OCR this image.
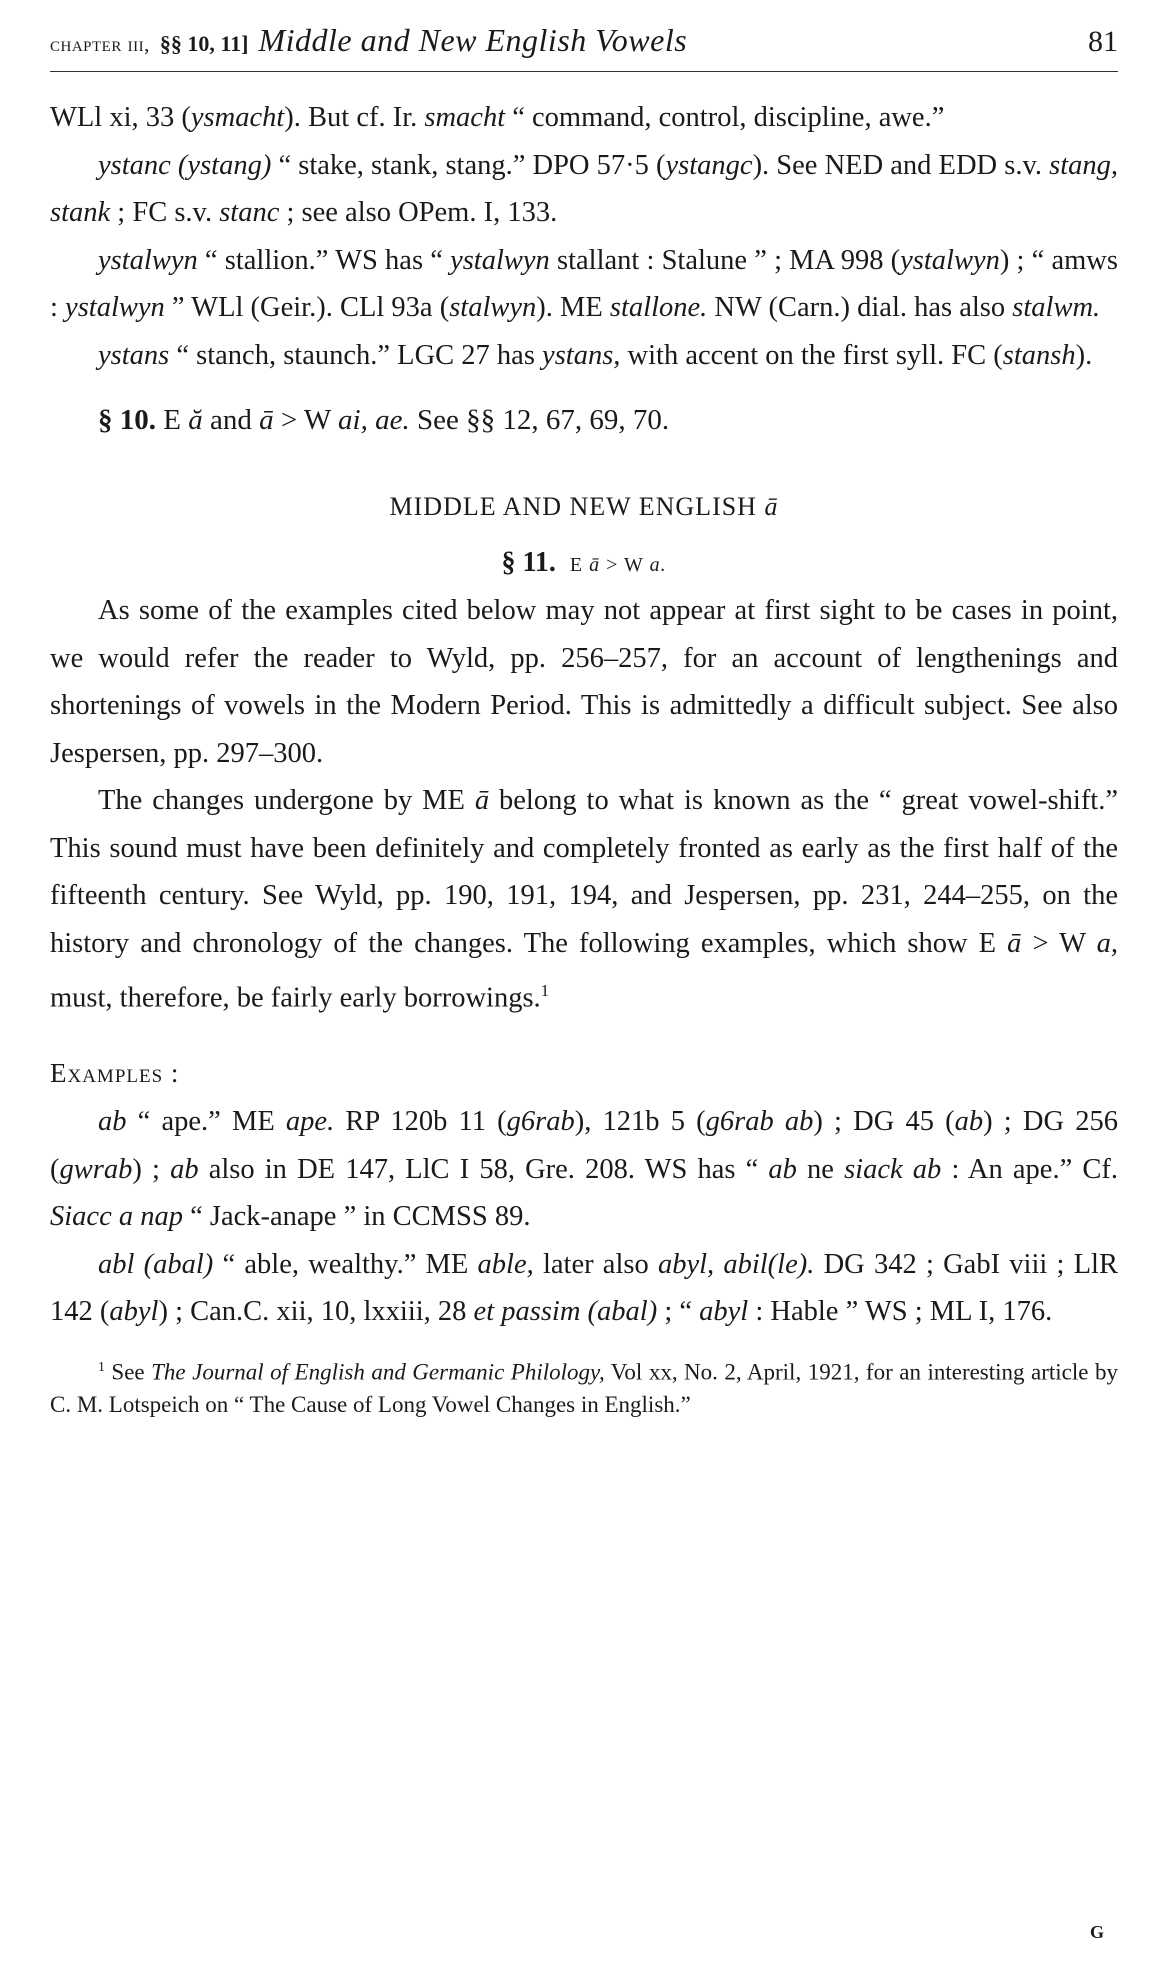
chapter iii, §§ 10, 11] Middle and New English Vowels	81

WLl xi, 33 (ysmacht). But cf. Ir. smacht “ command, control, discipline, awe.”

ystanc (ystang) “ stake, stank, stang.” DPO 57·5 (ystangc). See NED and EDD s.v. stang, stank ; FC s.v. stanc ; see also OPem. I, 133.

ystalwyn “ stallion.” WS has “ ystalwyn stallant : Stalune ” ; MA 998 (ystalwyn) ; “ amws : ystalwyn ” WLl (Geir.). CLl 93a (stalwyn). ME stallone. NW (Carn.) dial. has also stalwm.

ystans “ stanch, staunch.” LGC 27 has ystans, with accent on the first syll. FC (stansh).

§ 10. E ă and ā > W ai, ae. See §§ 12, 67, 69, 70.
MIDDLE AND NEW ENGLISH ā
§ 11. E ā > W a.

As some of the examples cited below may not appear at first sight to be cases in point, we would refer the reader to Wyld, pp. 256–257, for an account of lengthenings and shortenings of vowels in the Modern Period. This is admittedly a difficult subject. See also Jespersen, pp. 297–300.

The changes undergone by ME ā belong to what is known as the “ great vowel-shift.” This sound must have been definitely and completely fronted as early as the first half of the fifteenth century. See Wyld, pp. 190, 191, 194, and Jespersen, pp. 231, 244–255, on the history and chronology of the changes. The following examples, which show E ā > W a, must, therefore, be fairly early borrowings.$^1$

Examples :

ab “ ape.” ME ape. RP 120b 11 (g6rab), 121b 5 (g6rab ab) ; DG 45 (ab) ; DG 256 (gwrab) ; ab also in DE 147, LlC I 58, Gre. 208. WS has “ ab ne siack ab : An ape.” Cf. Siacc a nap “ Jack-anape ” in CCMSS 89.

abl (abal) “ able, wealthy.” ME able, later also abyl, abil(le). DG 342 ; GabI viii ; LlR 142 (abyl) ; Can.C. xii, 10, lxxiii, 28 et passim (abal) ; “ abyl : Hable ” WS ; ML I, 176.

$^1$ See The Journal of English and Germanic Philology, Vol xx, No. 2, April, 1921, for an interesting article by C. M. Lotspeich on “ The Cause of Long Vowel Changes in English.”
G
